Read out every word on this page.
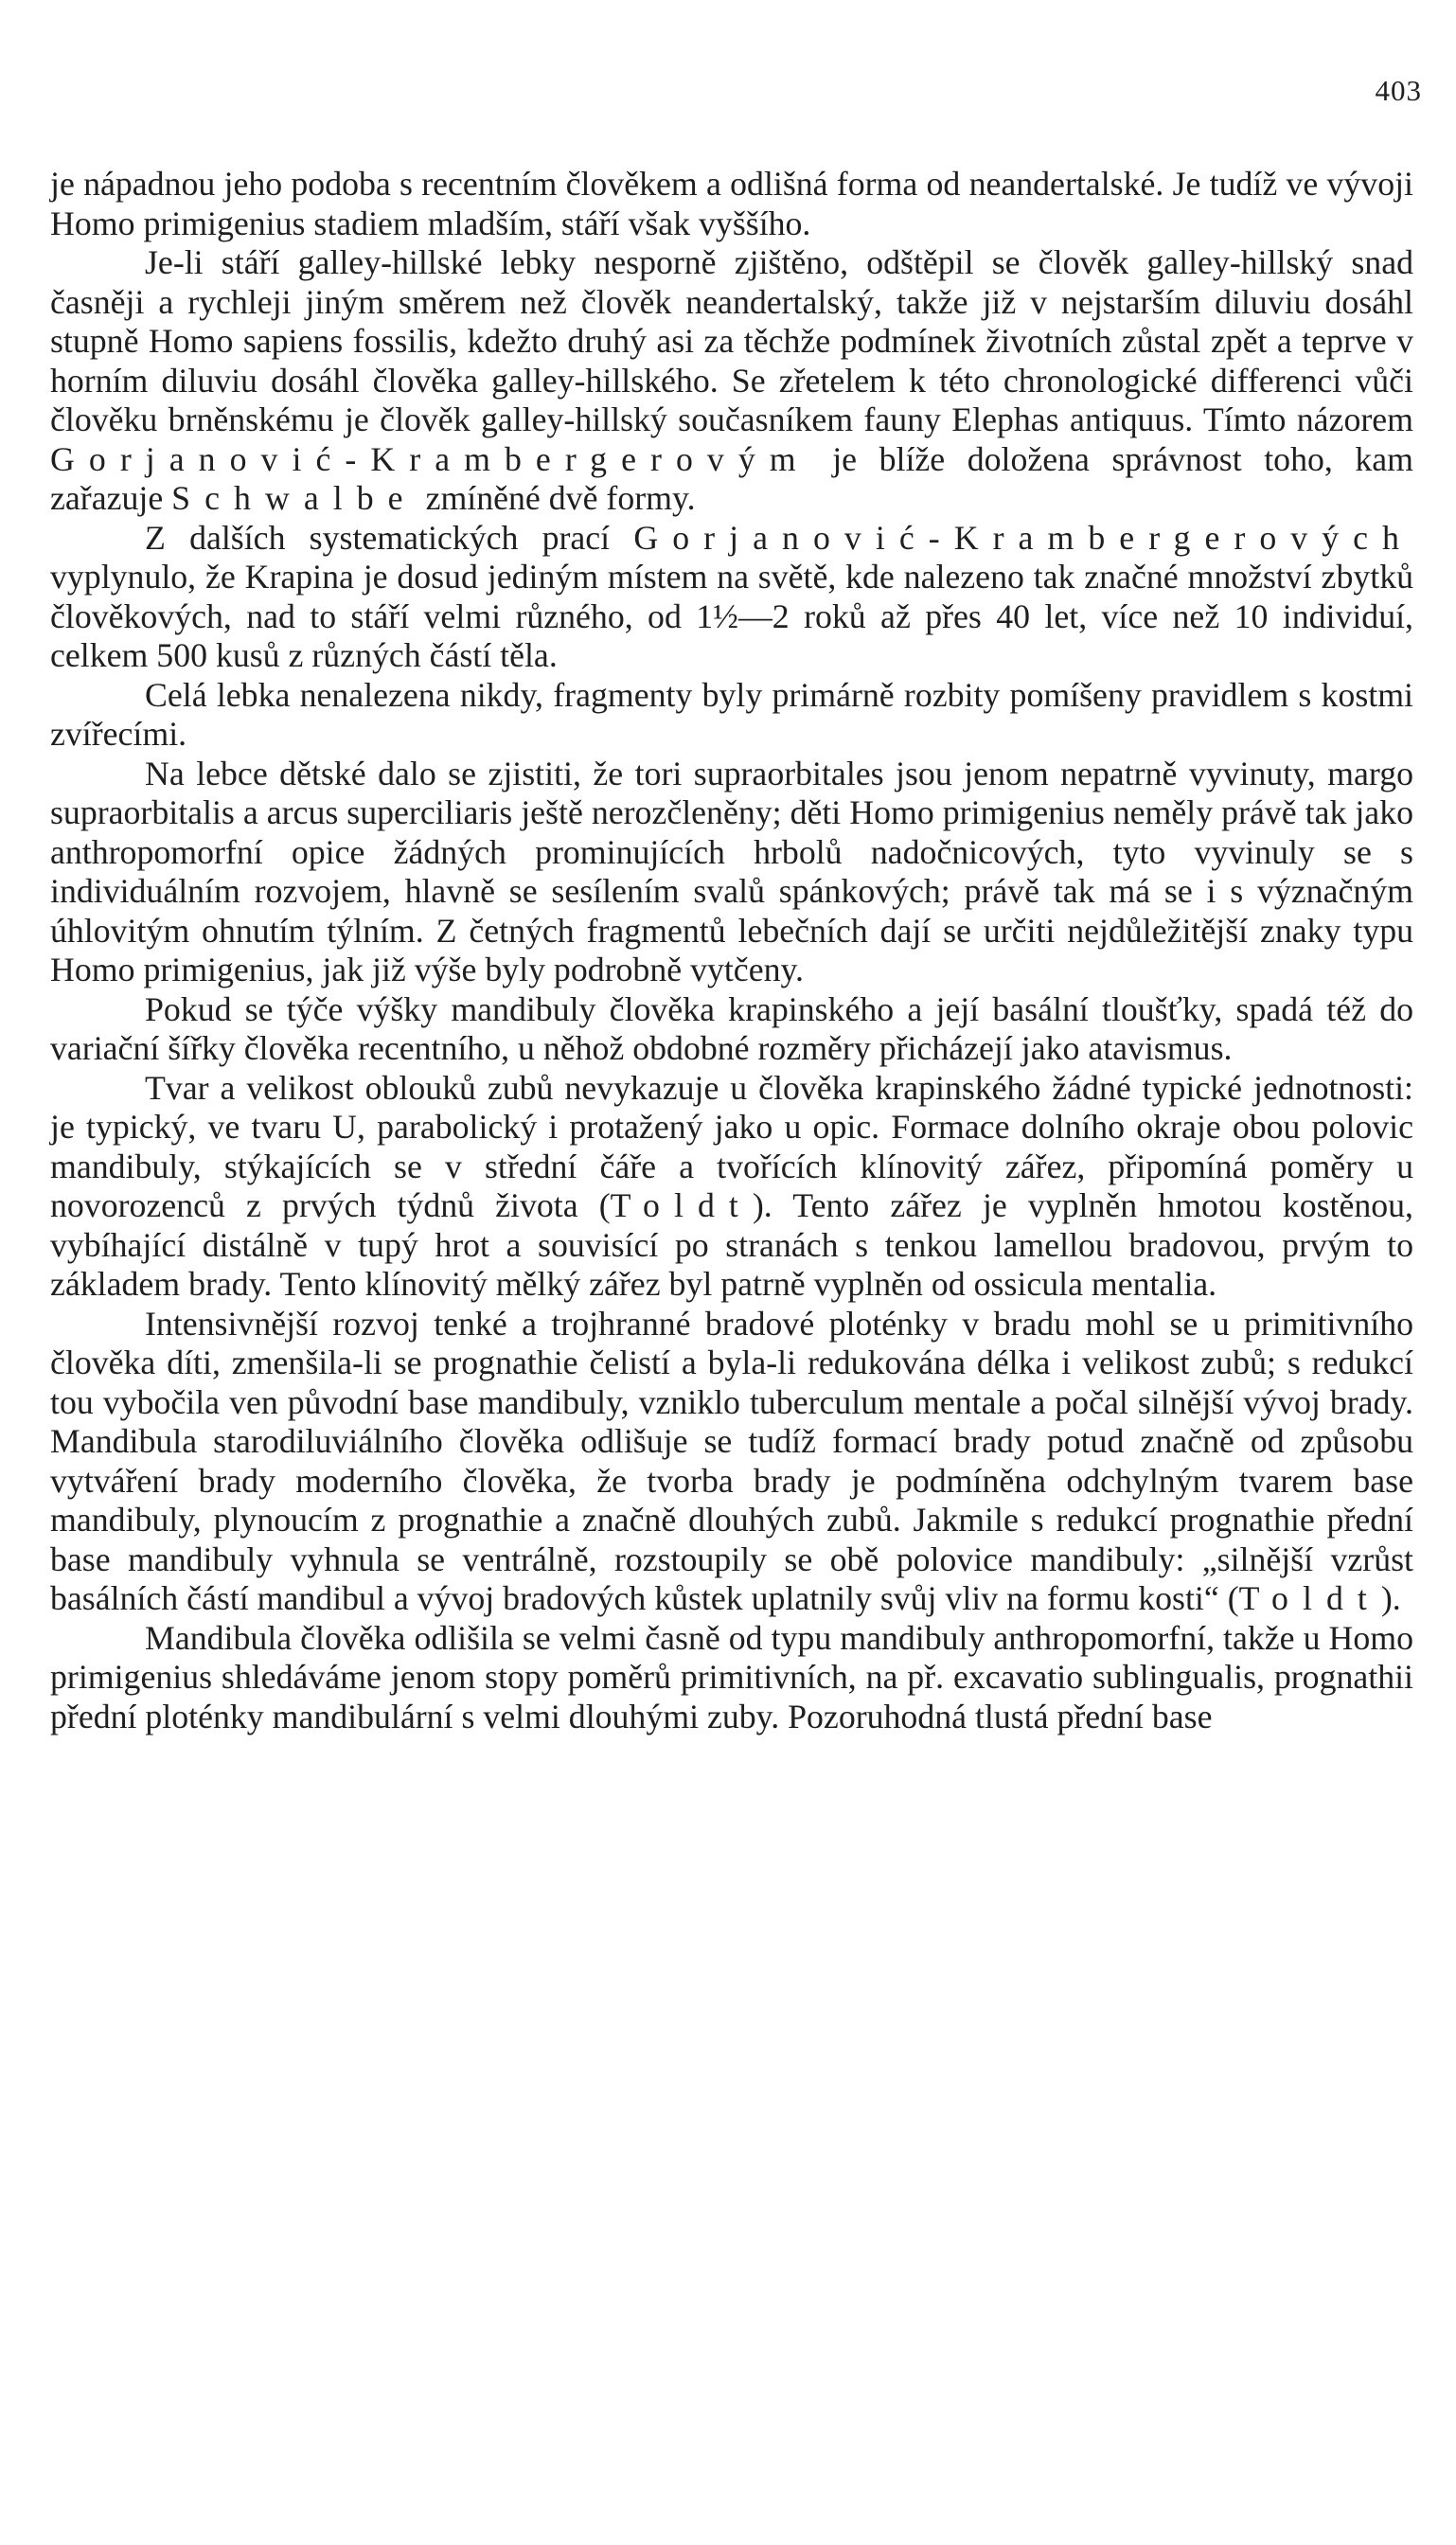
403

je nápadnou jeho podoba s recentním člověkem a odlišná forma od neandertalské. Je tudíž ve vývoji Homo primigenius stadiem mladším, stáří však vyššího.

Je-li stáří galley-hillské lebky nesporně zjištěno, odštěpil se člověk galley-hillský snad časněji a rychleji jiným směrem než člověk neandertalský, takže již v nejstarším diluviu dosáhl stupně Homo sapiens fossilis, kdežto druhý asi za těchže podmínek životních zůstal zpět a teprve v horním diluviu dosáhl člověka galley-hillského. Se zřetelem k této chronologické differenci vůči člověku brněnskému je člověk galley-hillský současníkem fauny Elephas antiquus. Tímto názorem Gorjanović-Krambergerovým je blíže doložena správnost toho, kam zařazuje Schwalbe zmíněné dvě formy.

Z dalších systematických prací Gorjanović-Krambergerových vyplynulo, že Krapina je dosud jediným místem na světě, kde nalezeno tak značné množství zbytků člověkových, nad to stáří velmi různého, od 1½—2 roků až přes 40 let, více než 10 individuí, celkem 500 kusů z různých částí těla.

Celá lebka nenalezena nikdy, fragmenty byly primárně rozbity pomíšeny pravidlem s kostmi zvířecími.

Na lebce dětské dalo se zjistiti, že tori supraorbitales jsou jenom nepatrně vyvinuty, margo supraorbitalis a arcus superciliaris ještě nerozčleněny; děti Homo primigenius neměly právě tak jako anthropomorfní opice žádných prominujících hrbolů nadočnicových, tyto vyvinuly se s individuálním rozvojem, hlavně se sesílením svalů spánkových; právě tak má se i s význačným úhlovitým ohnutím týlním. Z četných fragmentů lebečních dají se určiti nejdůležitější znaky typu Homo primigenius, jak již výše byly podrobně vytčeny.

Pokud se týče výšky mandibuly člověka krapinského a její basální tloušťky, spadá též do variační šířky člověka recentního, u něhož obdobné rozměry přicházejí jako atavismus.

Tvar a velikost oblouků zubů nevykazuje u člověka krapinského žádné typické jednotnosti: je typický, ve tvaru U, parabolický i protažený jako u opic. Formace dolního okraje obou polovic mandibuly, stýkajících se v střední čáře a tvořících klínovitý zářez, připomíná poměry u novorozenců z prvých týdnů života (Toldt). Tento zářez je vyplněn hmotou kostěnou, vybíhající distálně v tupý hrot a souvisící po stranách s tenkou lamellou bradovou, prvým to základem brady. Tento klínovitý mělký zářez byl patrně vyplněn od ossicula mentalia.

Intensivnější rozvoj tenké a trojhranné bradové ploténky v bradu mohl se u primitivního člověka díti, zmenšila-li se prognathie čelistí a byla-li redukována délka i velikost zubů; s redukcí tou vybočila ven původní base mandibuly, vzniklo tuberculum mentale a počal silnější vývoj brady. Mandibula starodiluviálního člověka odlišuje se tudíž formací brady potud značně od způsobu vytváření brady moderního člověka, že tvorba brady je podmíněna odchylným tvarem base mandibuly, plynoucím z prognathie a značně dlouhých zubů. Jakmile s redukcí prognathie přední base mandibuly vyhnula se ventrálně, rozstoupily se obě polovice mandibuly: „silnější vzrůst basálních částí mandibul a vývoj bradových kůstek uplatnily svůj vliv na formu kosti“ (Toldt).

Mandibula člověka odlišila se velmi časně od typu mandibuly anthropomorfní, takže u Homo primigenius shledáváme jenom stopy poměrů primitivních, na př. excavatio sublingualis, prognathii přední ploténky mandibulární s velmi dlouhými zuby. Pozoruhodná tlustá přední base
